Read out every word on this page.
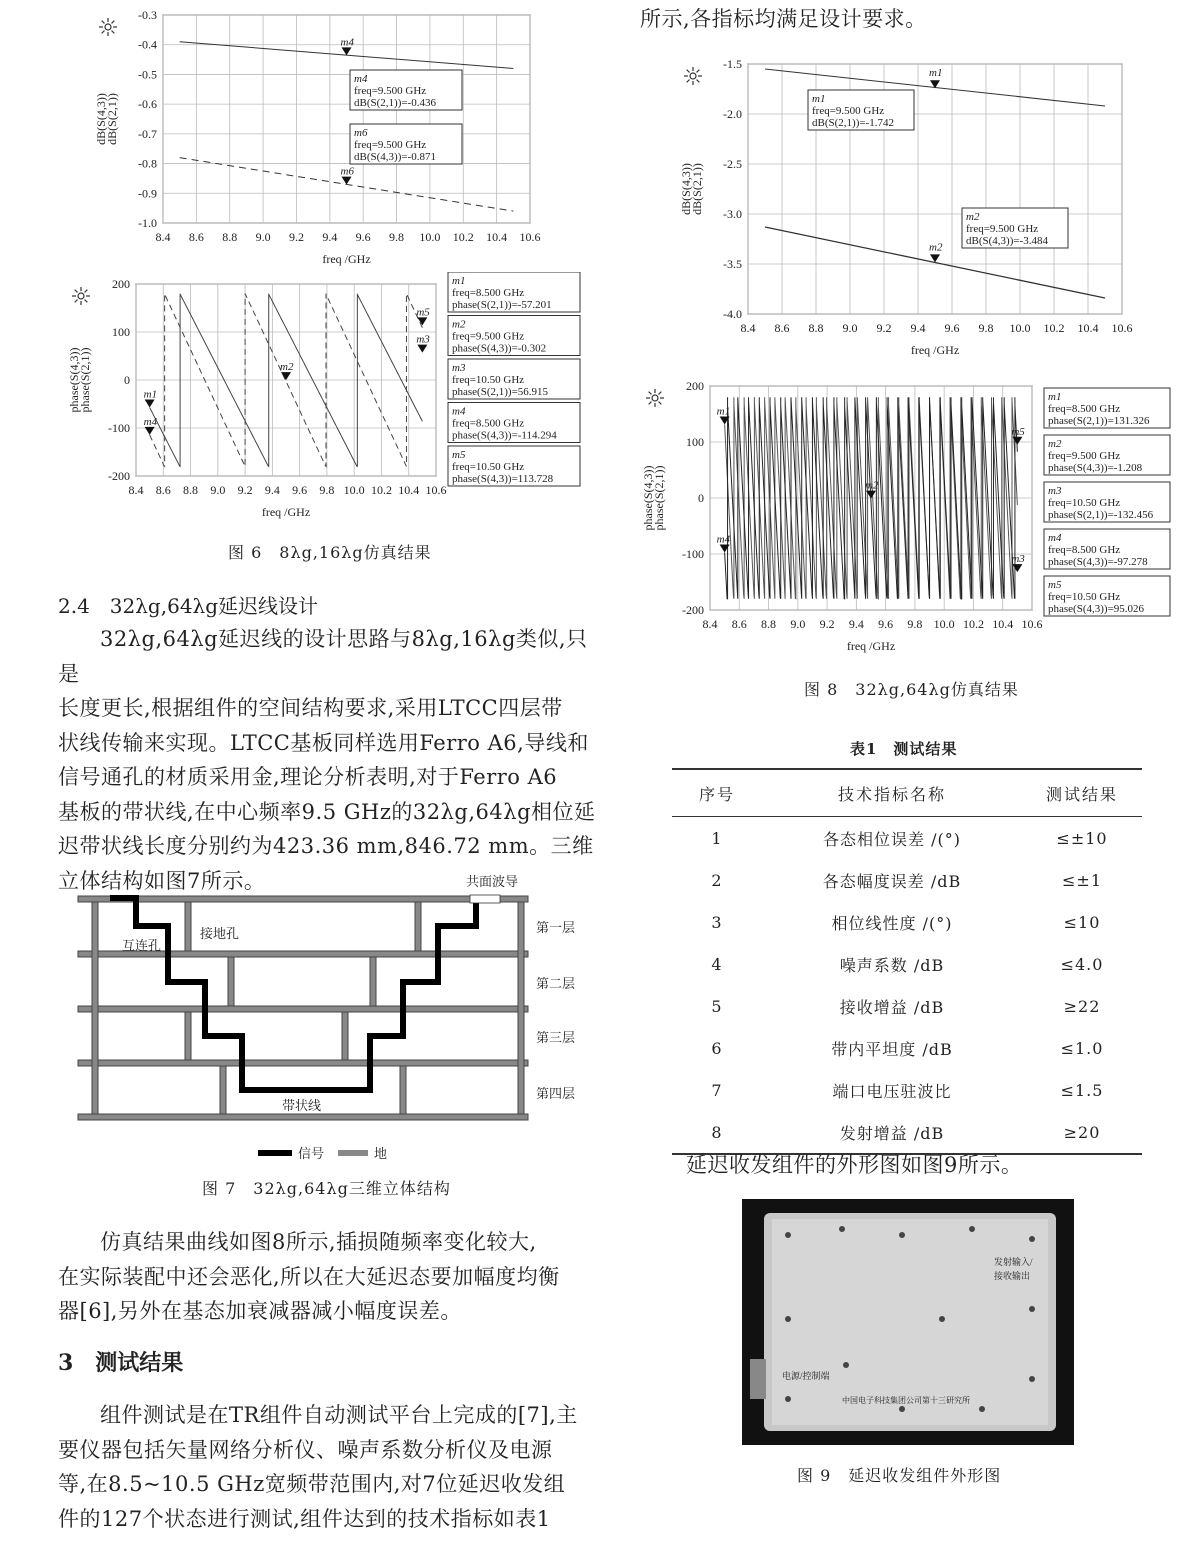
8.4 8.6 8.8 9.0 9.2 9.4 9.6 9.8 10.0 10.2 10.4 10.6
-0.3
-0.4
-0.5
-0.6
-0.7
-0.8
-0.9
-1.0
freq /GHz
dB(S(4,3))
dB(S(2,1))
m4
m6
m4
freq=9.500 GHz
dB(S(2,1))=-0.436
m6
freq=9.500 GHz
dB(S(4,3))=-0.871
8.4 8.6 8.8 9.0 9.2 9.4 9.6 9.8 10.0 10.2 10.4 10.6
200
100
0
-100
-200
freq /GHz
phase(S(4,3))
phase(S(2,1))	m1
m4
m2
m5
m3
m1
freq=8.500 GHz
phase(S(2,1))=-57.201
m2
freq=9.500 GHz
phase(S(4,3))=-0.302
m3
freq=10.50 GHz
phase(S(2,1))=56.915
m4
freq=8.500 GHz
phase(S(4,3))=-114.294
m5
freq=10.50 GHz
phase(S(4,3))=113.728
图 6　8λg,16λg仿真结果
2.4　32λg,64λg延迟线设计
32λg,64λg延迟线的设计思路与8λg,16λg类似,只是
长度更长,根据组件的空间结构要求,采用LTCC四层带
状线传输来实现。LTCC基板同样选用Ferro A6,导线和
信号通孔的材质采用金,理论分析表明,对于Ferro A6
基板的带状线,在中心频率9.5 GHz的32λg,64λg相位延
迟带状线长度分别约为423.36 mm,846.72 mm。三维
立体结构如图7所示。	共面波导
接地孔
互连孔
带状线
第一层
第二层
第三层
第四层
信号	地
图 7　32λg,64λg三维立体结构
仿真结果曲线如图8所示,插损随频率变化较大,
在实际装配中还会恶化,所以在大延迟态要加幅度均衡
器[6],另外在基态加衰减器减小幅度误差。
3　测试结果
组件测试是在TR组件自动测试平台上完成的[7],主
要仪器包括矢量网络分析仪、噪声系数分析仪及电源
等,在8.5~10.5 GHz宽频带范围内,对7位延迟收发组
件的127个状态进行测试,组件达到的技术指标如表1
所示,各指标均满足设计要求。
8.4 8.6 8.8 9.0 9.2 9.4 9.6 9.8 10.0 10.2 10.4 10.6
-1.5
-2.0
-2.5
-3.0
-3.5
-4.0
freq /GHz
dB(S(4,3))
dB(S(2,1))
m1
m2
m1
freq=9.500 GHz
dB(S(2,1))=-1.742
m2
freq=9.500 GHz
dB(S(4,3))=-3.484
8.4 8.6 8.8 9.0 9.2 9.4 9.6 9.8 10.0 10.2 10.4 10.6
200
100
0
-100
-200
freq /GHz
phase(S(4,3))
phase(S(2,1))
m1
m4
m2
m5
m3
m1
freq=8.500 GHz
phase(S(2,1))=131.326
m2
freq=9.500 GHz
phase(S(4,3))=-1.208
m3
freq=10.50 GHz
phase(S(2,1))=-132.456
m4
freq=8.500 GHz
phase(S(4,3))=-97.278
m5
freq=10.50 GHz
phase(S(4,3))=95.026
图 8　32λg,64λg仿真结果
表1　测试结果
序号	技术指标名称	测试结果
1	各态相位误差 /(°)	≤±10
2	各态幅度误差 /dB	≤±1
3	相位线性度 /(°)	≤10
4	噪声系数 /dB	≤4.0
5	接收增益 /dB	≥22
6	带内平坦度 /dB	≤1.0
7	端口电压驻波比	≤1.5
8	发射增益 /dB	≥20
延迟收发组件的外形图如图9所示。
发射输入/
接收输出
电源/控制端
中国电子科技集团公司第十三研究所
图 9　延迟收发组件外形图
